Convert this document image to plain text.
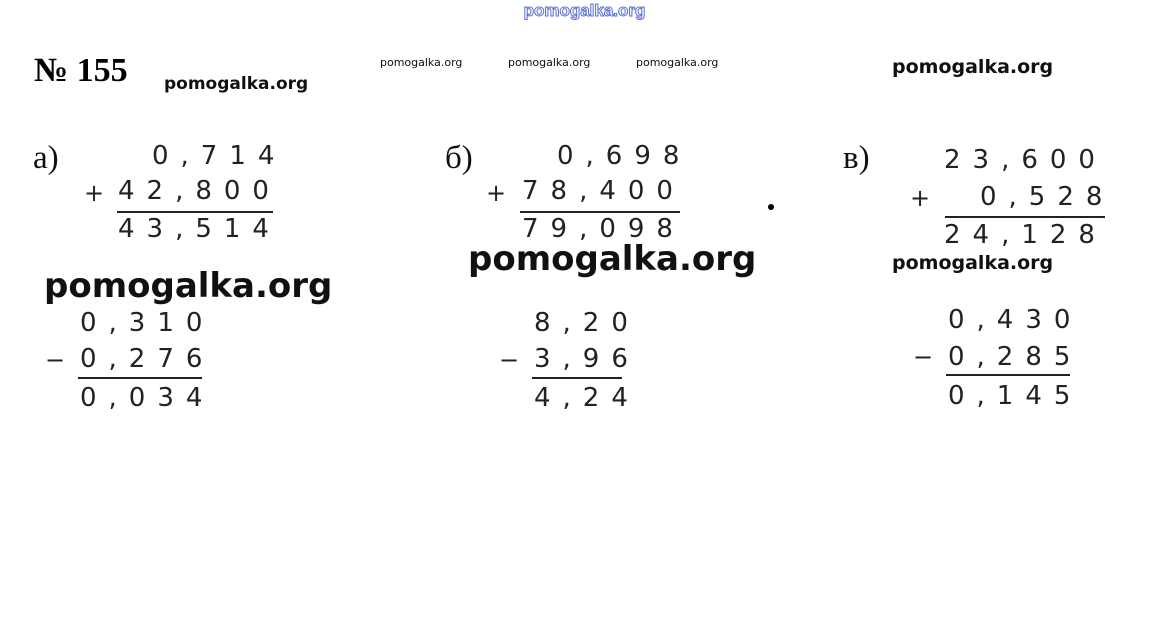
pomogalka.org
№ 155 pomogalka.org
pomogalka.org	pomogalka.org	pomogalka.org	pomogalka.org
а)	0,714
+ 42,800
43,514
pomogalka.org
0,310
− 0,276
0,034
б)	0,698
+ 78,400
79,098
pomogalka.org
8,20
− 3,96
4,24
в)	23,600
+ 0,528
24,128
pomogalka.org
0,430
− 0,285
0,145
